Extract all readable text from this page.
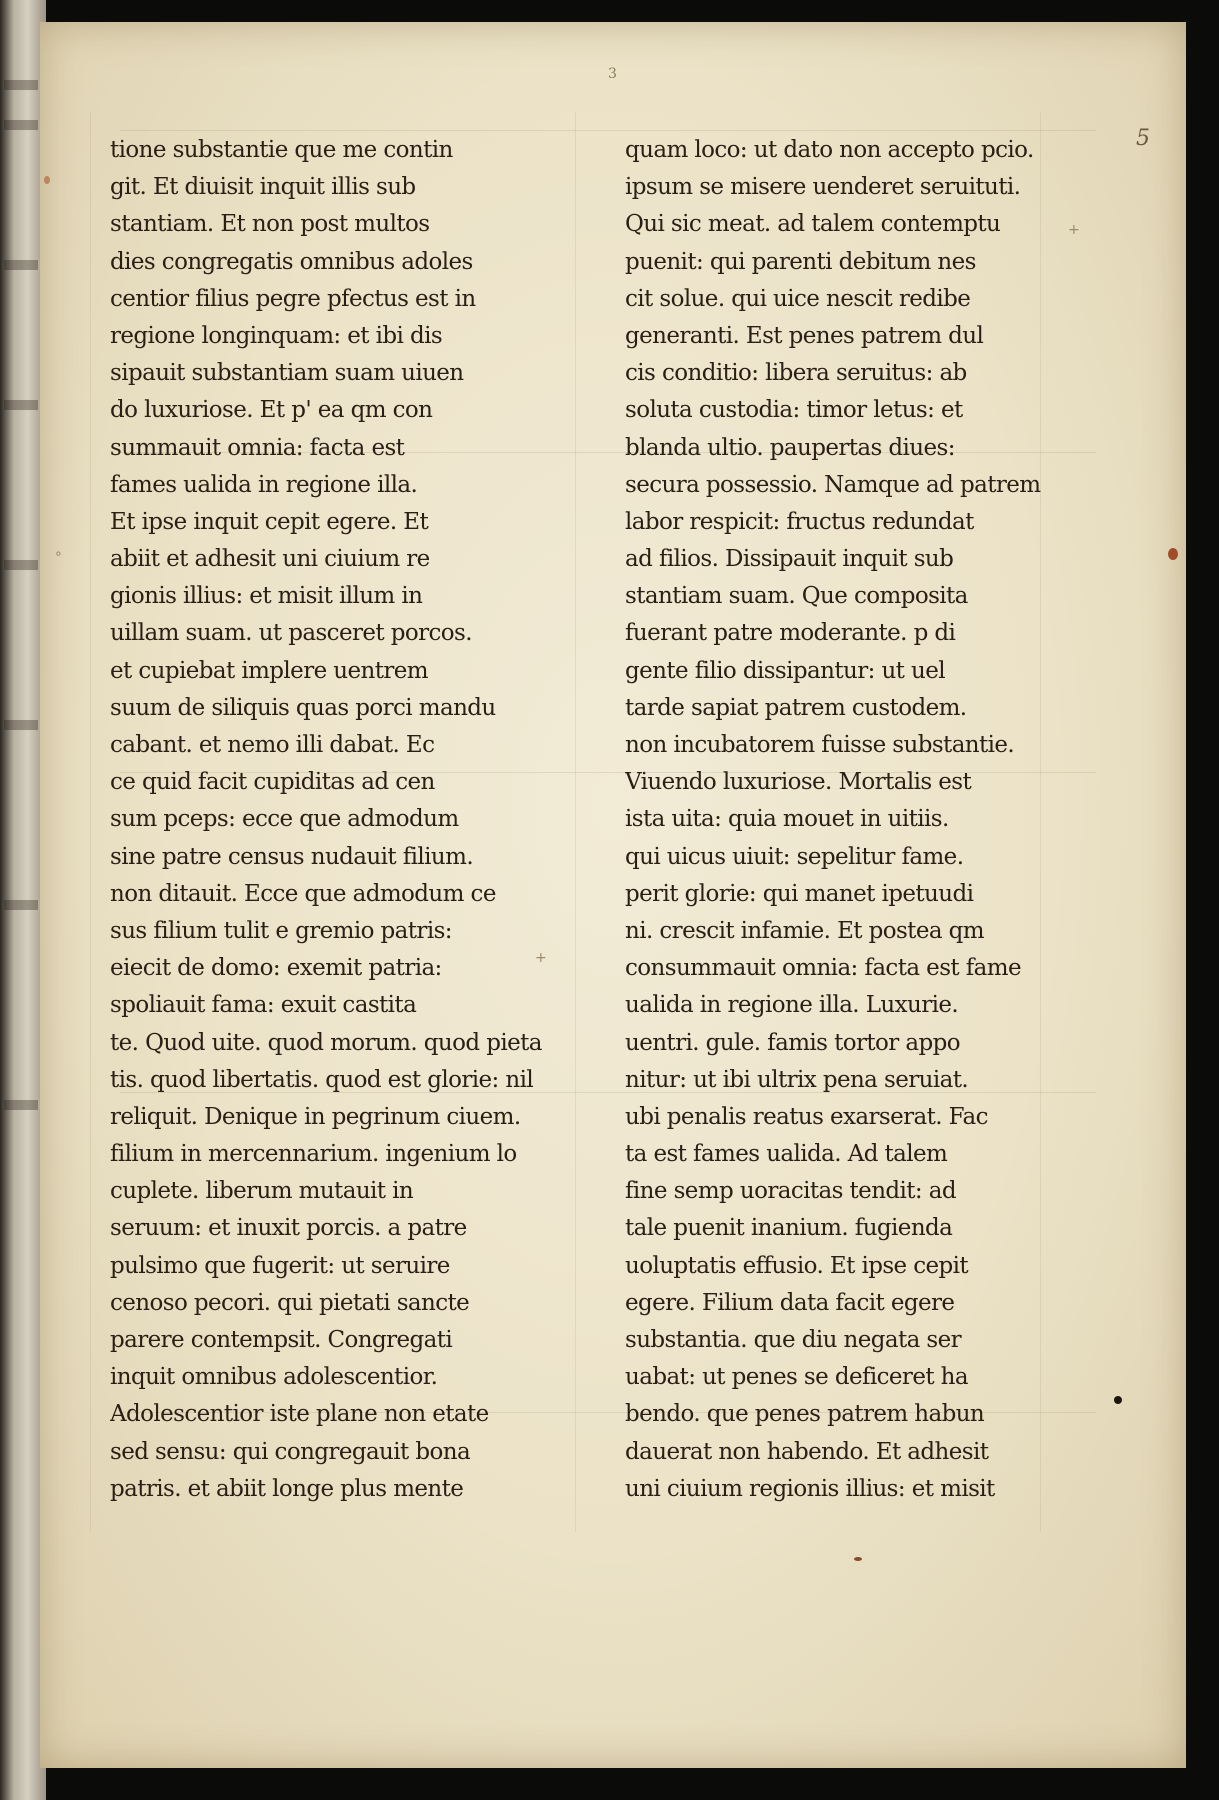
3
5
tione substantie que me contin
git. Et diuisit inquit illis sub
stantiam. Et non post multos
dies congregatis omnibus adoles
centior filius pegre pfectus est in
regione longinquam: et ibi dis
sipauit substantiam suam uiuen
do luxuriose. Et p' ea qm con
summauit omnia: facta est
fames ualida in regione illa.
Et ipse inquit cepit egere. Et
abiit et adhesit uni ciuium re
gionis illius: et misit illum in
uillam suam. ut pasceret porcos.
et cupiebat implere uentrem
suum de siliquis quas porci mandu
cabant. et nemo illi dabat. Ec
ce quid facit cupiditas ad cen
sum pceps: ecce que admodum
sine patre census nudauit filium.
non ditauit. Ecce que admodum ce
sus filium tulit e gremio patris:
eiecit de domo: exemit patria:
spoliauit fama: exuit castita
te. Quod uite. quod morum. quod pieta
tis. quod libertatis. quod est glorie: nil
reliquit. Denique in pegrinum ciuem.
filium in mercennarium. ingenium lo
cuplete. liberum mutauit in
seruum: et inuxit porcis. a patre
pulsimo que fugerit: ut seruire
cenoso pecori. qui pietati sancte
parere contempsit. Congregati
inquit omnibus adolescentior.
Adolescentior iste plane non etate
sed sensu: qui congregauit bona
patris. et abiit longe plus mente
quam loco: ut dato non accepto pcio.
ipsum se misere uenderet seruituti.
Qui sic meat. ad talem contemptu
puenit: qui parenti debitum nes
cit solue. qui uice nescit redibe
generanti. Est penes patrem dul
cis conditio: libera seruitus: ab
soluta custodia: timor letus: et
blanda ultio. paupertas diues:
secura possessio. Namque ad patrem
labor respicit: fructus redundat
ad filios. Dissipauit inquit sub
stantiam suam. Que composita
fuerant patre moderante. p di
gente filio dissipantur: ut uel
tarde sapiat patrem custodem.
non incubatorem fuisse substantie.
Viuendo luxuriose. Mortalis est
ista uita: quia mouet in uitiis.
qui uicus uiuit: sepelitur fame.
perit glorie: qui manet ipetuudi
ni. crescit infamie. Et postea qm
consummauit omnia: facta est fame
ualida in regione illa. Luxurie.
uentri. gule. famis tortor appo
nitur: ut ibi ultrix pena seruiat.
ubi penalis reatus exarserat. Fac
ta est fames ualida. Ad talem
fine semp uoracitas tendit: ad
tale puenit inanium. fugienda
uoluptatis effusio. Et ipse cepit
egere. Filium data facit egere
substantia. que diu negata ser
uabat: ut penes se deficeret ha
bendo. que penes patrem habun
dauerat non habendo. Et adhesit
uni ciuium regionis illius: et misit
+
+
∘
